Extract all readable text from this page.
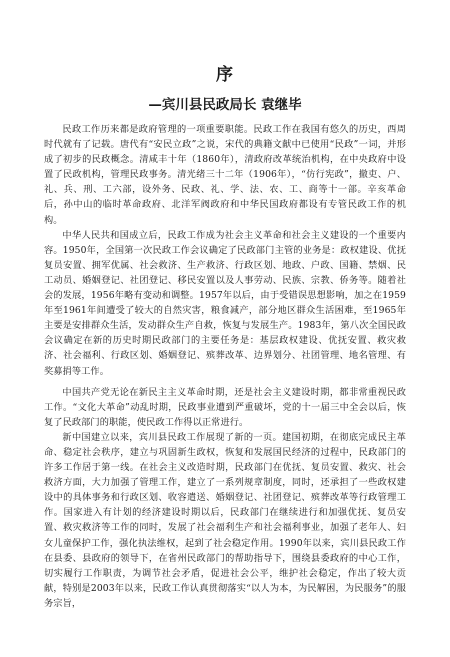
序
—宾川县民政局长 袁继毕

民政工作历来都是政府管理的一项重要职能。民政工作在我国有悠久的历史，西周时代就有了记载。唐代有“安民立政”之说，宋代的典籍文献中已使用“民政”一词，并形成了初步的民政概念。清咸丰十年（1860年），清政府改革统治机构，在中央政府中设置了民政机构，管理民政事务。清光绪三十二年（1906年），“仿行宪政”，撤吏、户、礼、兵、刑、工六部，设外务、民政、礼、学、法、农、工、商等十一部。辛亥革命后，孙中山的临时革命政府、北洋军阀政府和中华民国政府都设有专管民政工作的机构。

中华人民共和国成立后，民政工作成为社会主义革命和社会主义建设的一个重要内容。1950年，全国第一次民政工作会议确定了民政部门主管的业务是：政权建设、优抚复员安置、拥军优属、社会救济、生产救济、行政区划、地政、户政、国籍、禁烟、民工动员、婚姻登记、社团登记、移民安置以及人事劳动、民族、宗教、侨务等。随着社会的发展，1956年略有变动和调整。1957年以后，由于受错误思想影响，加之在1959年至1961年间遭受了较大的自然灾害，粮食减产，部分地区群众生活困难，至1965年主要是安排群众生活，发动群众生产自救，恢复与发展生产。1983年，第八次全国民政会议确定在新的历史时期民政部门的主要任务是：基层政权建设、优抚安置、救灾救济、社会福利、行政区划、婚姻登记、殡葬改革、边界划分、社团管理、地名管理、有奖募捐等工作。

中国共产党无论在新民主主义革命时期，还是社会主义建设时期，都非常重视民政工作。“文化大革命”动乱时期，民政事业遭到严重破坏，党的十一届三中全会以后，恢复了民政部门的职能，使民政工作得以正常进行。

新中国建立以来，宾川县民政工作展现了新的一页。建国初期，在彻底完成民主革命、稳定社会秩序，建立与巩固新生政权，恢复和发展国民经济的过程中，民政部门的许多工作居于第一线。在社会主义改造时期，民政部门在优抚、复员安置、救灾、社会救济方面，大力加强了管理工作，建立了一系列规章制度，同时，还承担了一些政权建设中的具体事务和行政区划、收容遣送、婚姻登记、社团登记、殡葬改革等行政管理工作。国家进入有计划的经济建设时期以后，民政部门在继续进行和加强优抚、复员安置、救灾救济等工作的同时，发展了社会福利生产和社会福利事业，加强了老年人、妇女儿童保护工作，强化执法维权，起到了社会稳定作用。1990年以来，宾川县民政工作在县委、县政府的领导下，在省州民政部门的帮助指导下，围绕县委政府的中心工作，切实履行工作职责，为调节社会矛盾，促进社会公平，维护社会稳定，作出了较大贡献，特别是2003年以来，民政工作认真贯彻落实“以人为本，为民解困，为民服务”的服务宗旨，
